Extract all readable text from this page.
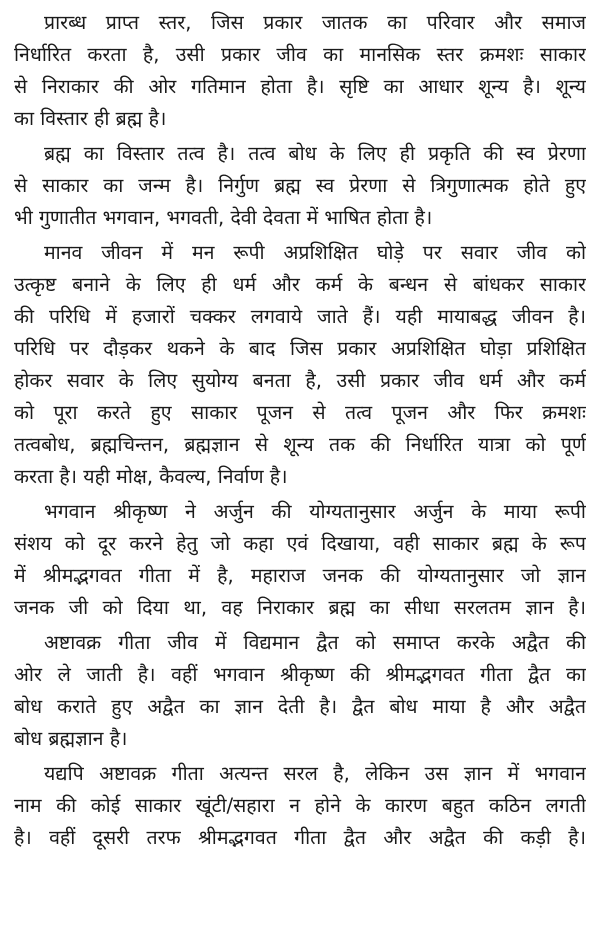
प्रारब्ध प्राप्त स्तर, जिस प्रकार जातक का परिवार और समाज
निर्धारित करता है, उसी प्रकार जीव का मानसिक स्तर क्रमशः साकार
से निराकार की ओर गतिमान होता है। सृष्टि का आधार शून्य है। शून्य
का विस्तार ही ब्रह्म है।
ब्रह्म का विस्तार तत्व है। तत्व बोध के लिए ही प्रकृति की स्व प्रेरणा
से साकार का जन्म है। निर्गुण ब्रह्म स्व प्रेरणा से त्रिगुणात्मक होते हुए
भी गुणातीत भगवान, भगवती, देवी देवता में भाषित होता है।
मानव जीवन में मन रूपी अप्रशिक्षित घोड़े पर सवार जीव को
उत्कृष्ट बनाने के लिए ही धर्म और कर्म के बन्धन से बांधकर साकार
की परिधि में हजारों चक्कर लगवाये जाते हैं। यही मायाबद्ध जीवन है।
परिधि पर दौड़कर थकने के बाद जिस प्रकार अप्रशिक्षित घोड़ा प्रशिक्षित
होकर सवार के लिए सुयोग्य बनता है, उसी प्रकार जीव धर्म और कर्म
को पूरा करते हुए साकार पूजन से तत्व पूजन और फिर क्रमशः
तत्वबोध, ब्रह्मचिन्तन, ब्रह्मज्ञान से शून्य तक की निर्धारित यात्रा को पूर्ण
करता है। यही मोक्ष, कैवल्य, निर्वाण है।
भगवान श्रीकृष्ण ने अर्जुन की योग्यतानुसार अर्जुन के माया रूपी
संशय को दूर करने हेतु जो कहा एवं दिखाया, वही साकार ब्रह्म के रूप
में श्रीमद्भगवत गीता में है, महाराज जनक की योग्यतानुसार जो ज्ञान
जनक जी को दिया था, वह निराकार ब्रह्म का सीधा सरलतम ज्ञान है।
अष्टावक्र गीता जीव में विद्यमान द्वैत को समाप्त करके अद्वैत की
ओर ले जाती है। वहीं भगवान श्रीकृष्ण की श्रीमद्भगवत गीता द्वैत का
बोध कराते हुए अद्वैत का ज्ञान देती है। द्वैत बोध माया है और अद्वैत
बोध ब्रह्मज्ञान है।
यद्यपि अष्टावक्र गीता अत्यन्त सरल है, लेकिन उस ज्ञान में भगवान
नाम की कोई साकार खूंटी/सहारा न होने के कारण बहुत कठिन लगती
है। वहीं दूसरी तरफ श्रीमद्भगवत गीता द्वैत और अद्वैत की कड़ी है।
